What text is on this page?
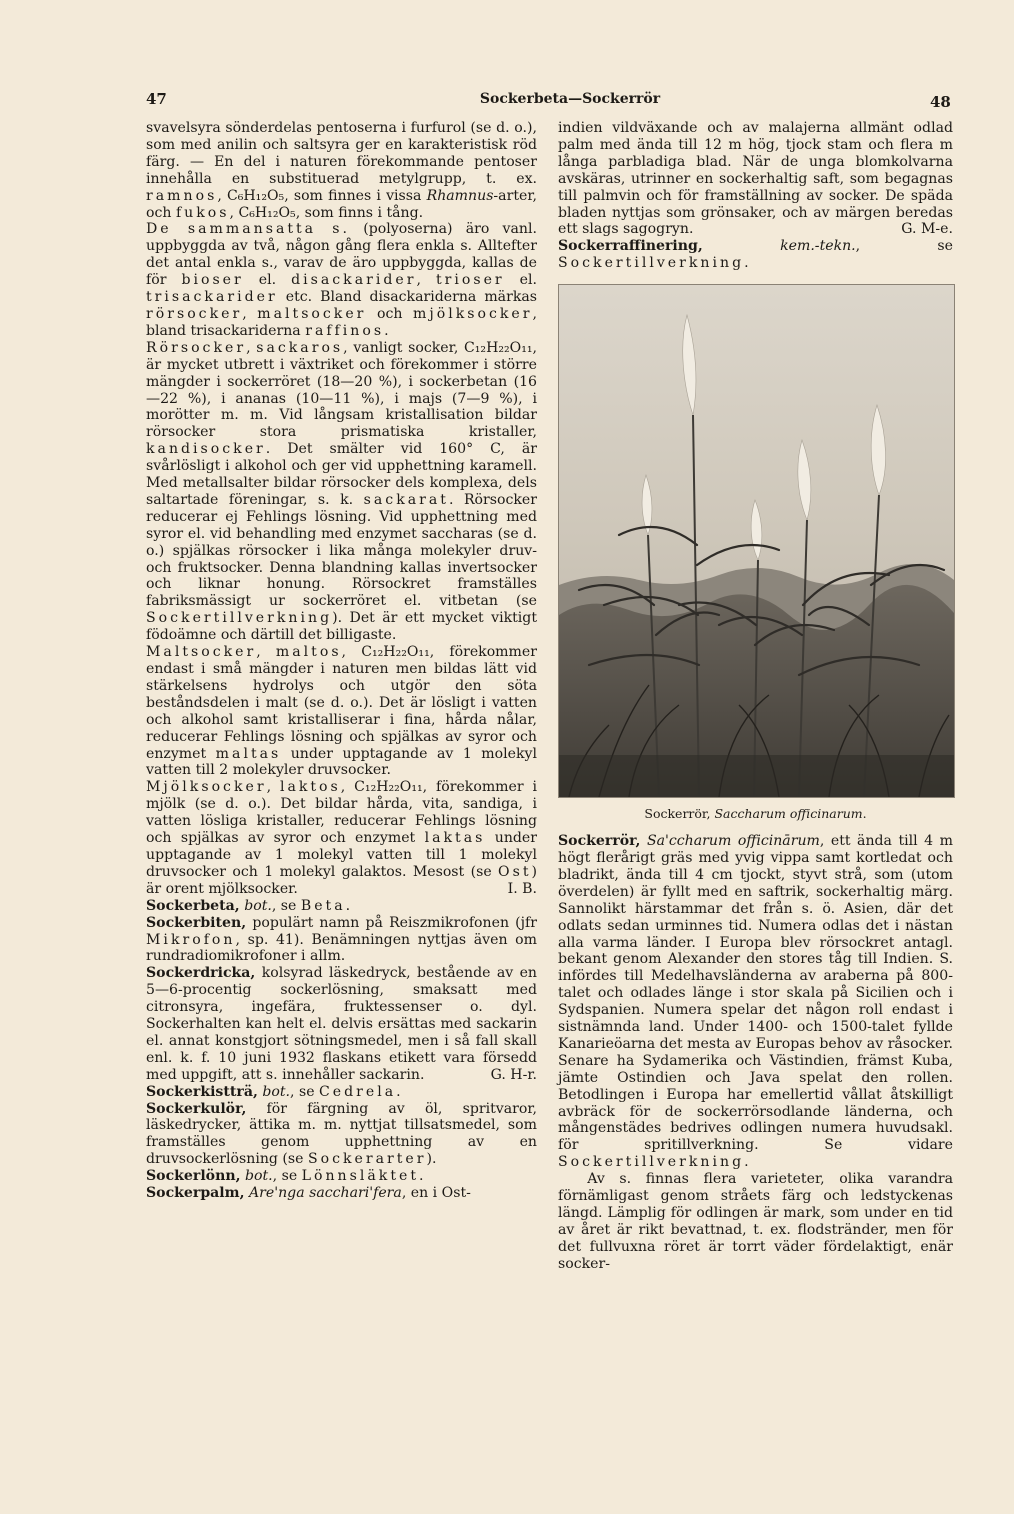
47	Sockerbeta—Sockerrör	48

svavelsyra sönderdelas pentoserna i furfurol (se d. o.), som med anilin och saltsyra ger en karakteristisk röd färg. — En del i naturen förekommande pentoser innehålla en substituerad metylgrupp, t. ex. ramnos, C₆H₁₂O₅, som finnes i vissa Rhamnus-arter, och fukos, C₆H₁₂O₅, som finns i tång.

De sammansatta s. (polyoserna) äro vanl. uppbyggda av två, någon gång flera enkla s. Alltefter det antal enkla s., varav de äro uppbyggda, kallas de för bioser el. disackarider, trioser el. trisackarider etc. Bland disackariderna märkas rörsocker, maltsocker och mjölksocker, bland trisackariderna raffinos.

Rörsocker, sackaros, vanligt socker, C₁₂H₂₂O₁₁, är mycket utbrett i växtriket och förekommer i större mängder i sockerröret (18—20 %), i sockerbetan (16—22 %), i ananas (10—11 %), i majs (7—9 %), i morötter m. m. Vid långsam kristallisation bildar rörsocker stora prismatiska kristaller, kandisocker. Det smälter vid 160° C, är svårlösligt i alkohol och ger vid upphettning karamell. Med metallsalter bildar rörsocker dels komplexa, dels saltartade föreningar, s. k. sackarat. Rörsocker reducerar ej Fehlings lösning. Vid upphettning med syror el. vid behandling med enzymet saccharas (se d. o.) spjälkas rörsocker i lika många molekyler druv- och fruktsocker. Denna blandning kallas invertsocker och liknar honung. Rörsockret framställes fabriksmässigt ur sockerröret el. vitbetan (se Sockertillverkning). Det är ett mycket viktigt födoämne och därtill det billigaste.

Maltsocker, maltos, C₁₂H₂₂O₁₁, förekommer endast i små mängder i naturen men bildas lätt vid stärkelsens hydrolys och utgör den söta beståndsdelen i malt (se d. o.). Det är lösligt i vatten och alkohol samt kristalliserar i fina, hårda nålar, reducerar Fehlings lösning och spjälkas av syror och enzymet maltas under upptagande av 1 molekyl vatten till 2 molekyler druvsocker.

Mjölksocker, laktos, C₁₂H₂₂O₁₁, förekommer i mjölk (se d. o.). Det bildar hårda, vita, sandiga, i vatten lösliga kristaller, reducerar Fehlings lösning och spjälkas av syror och enzymet laktas under upptagande av 1 molekyl vatten till 1 molekyl druvsocker och 1 molekyl galaktos. Mesost (se Ost) är orent mjölksocker.	I. B.

Sockerbeta, bot., se Beta.

Sockerbiten, populärt namn på Reiszmikrofonen (jfr Mikrofon, sp. 41). Benämningen nyttjas även om rundradiomikrofoner i allm.

Sockerdricka, kolsyrad läskedryck, bestående av en 5—6-procentig sockerlösning, smaksatt med citronsyra, ingefära, fruktessenser o. dyl. Sockerhalten kan helt el. delvis ersättas med sackarin el. annat konstgjort sötningsmedel, men i så fall skall enl. k. f. 10 juni 1932 flaskans etikett vara försedd med uppgift, att s. innehåller sackarin.	G. H-r.

Sockerkistträ, bot., se Cedrela.

Sockerkulör, för färgning av öl, spritvaror, läskedrycker, ättika m. m. nyttjat tillsatsmedel, som framställes genom upphettning av en druvsockerlösning (se Sockerarter).

Sockerlönn, bot., se Lönnsläktet.

Sockerpalm, Are'nga sacchari'fera, en i Ost-

indien vildväxande och av malajerna allmänt odlad palm med ända till 12 m hög, tjock stam och flera m långa parbladiga blad. När de unga blomkolvarna avskäras, utrinner en sockerhaltig saft, som begagnas till palmvin och för framställning av socker. De späda bladen nyttjas som grönsaker, och av märgen beredas ett slags sagogryn.	G. M-e.

Sockerraffinering,	kem.-tekn., se Sockertillverkning.

Sockerrör, Saccharum officinarum.

Sockerrör, Sa'ccharum officinārum, ett ända till 4 m högt flerårigt gräs med yvig vippa samt kortledat och bladrikt, ända till 4 cm tjockt, styvt strå, som (utom överdelen) är fyllt med en saftrik, sockerhaltig märg. Sannolikt härstammar det från s. ö. Asien, där det odlats sedan urminnes tid. Numera odlas det i nästan alla varma länder. I Europa blev rörsockret antagl. bekant genom Alexander den stores tåg till Indien. S. infördes till Medelhavsländerna av araberna på 800-talet och odlades länge i stor skala på Sicilien och i Sydspanien. Numera spelar det någon roll endast i sistnämnda land. Under 1400- och 1500-talet fyllde Kanarieöarna det mesta av Europas behov av råsocker. Senare ha Sydamerika och Västindien, främst Kuba, jämte Ostindien och Java spelat den rollen. Betodlingen i Europa har emellertid vållat åtskilligt avbräck för de sockerrörsodlande länderna, och mångenstädes bedrives odlingen numera huvudsakl. för spritillverkning. Se vidare Sockertillverkning.

Av s. finnas flera varieteter, olika varandra förnämligast genom stråets färg och ledstyckenas längd. Lämplig för odlingen är mark, som under en tid av året är rikt bevattnad, t. ex. flodstränder, men för det fullvuxna röret är torrt väder fördelaktigt, enär socker-
